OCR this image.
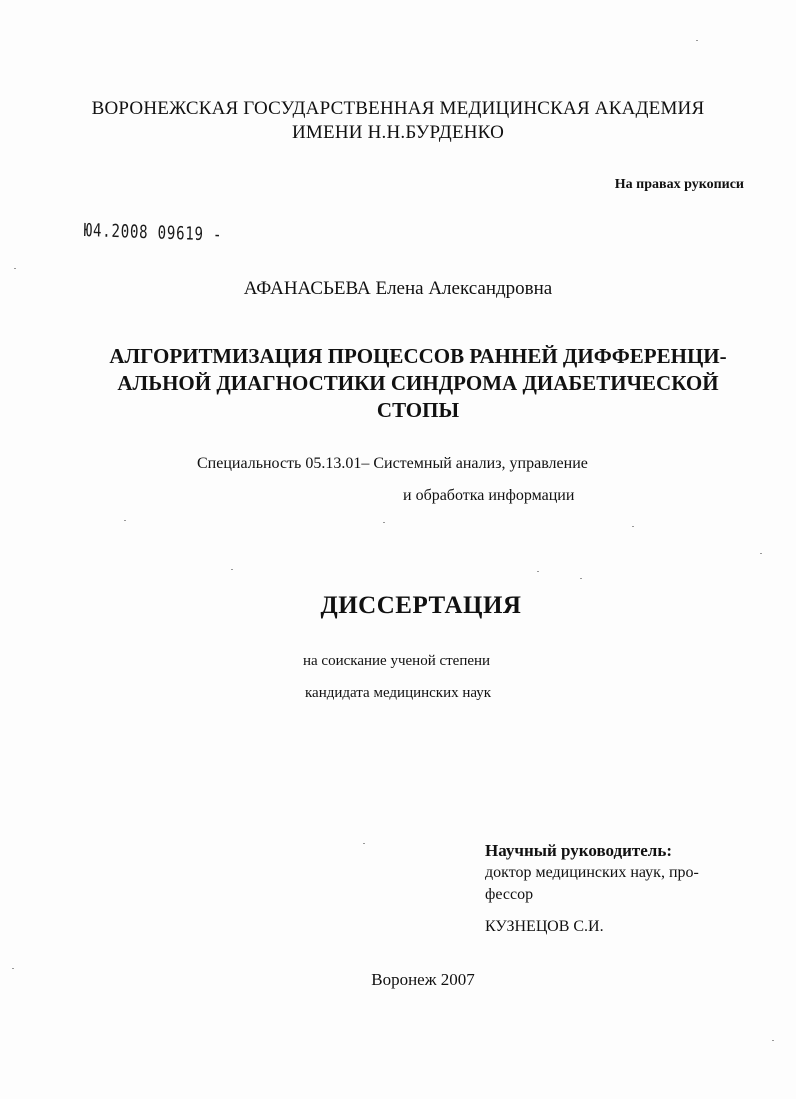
ВОРОНЕЖСКАЯ ГОСУДАРСТВЕННАЯ МЕДИЦИНСКАЯ АКАДЕМИЯ
ИМЕНИ Н.Н.БУРДЕНКО
На правах рукописи
Ю4.2008 09619 -
АФАНАСЬЕВА Елена Александровна
АЛГОРИТМИЗАЦИЯ ПРОЦЕССОВ РАННЕЙ ДИФФЕРЕНЦИ-
АЛЬНОЙ ДИАГНОСТИКИ СИНДРОМА ДИАБЕТИЧЕСКОЙ
СТОПЫ
Специальность 05.13.01– Системный анализ, управление
и обработка информации
ДИССЕРТАЦИЯ
на соискание ученой степени
кандидата медицинских наук
Научный руководитель:
доктор медицинских наук, про-
фессор
КУЗНЕЦОВ С.И.
Воронеж 2007
